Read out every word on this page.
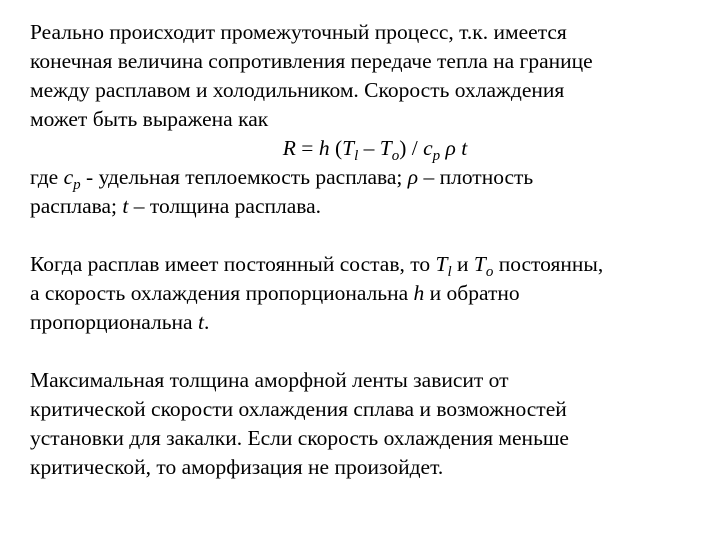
Реально происходит промежуточный процесс, т.к. имеется
конечная величина сопротивления передаче тепла на границе
между расплавом и холодильником. Скорость охлаждения
может быть выражена как
R = h $(T_l - T_o) / c_p$ ρ t
где $c_p$ - удельная теплоемкость расплава; ρ – плотность
расплава; t – толщина расплава.
Когда расплав имеет постоянный состав, то $T_l$ и $T_o$ постоянны,
а скорость охлаждения пропорциональна h и обратно
пропорциональна t.
Максимальная толщина аморфной ленты зависит от
критической скорости охлаждения сплава и возможностей
установки для закалки. Если скорость охлаждения меньше
критической, то аморфизация не произойдет.
